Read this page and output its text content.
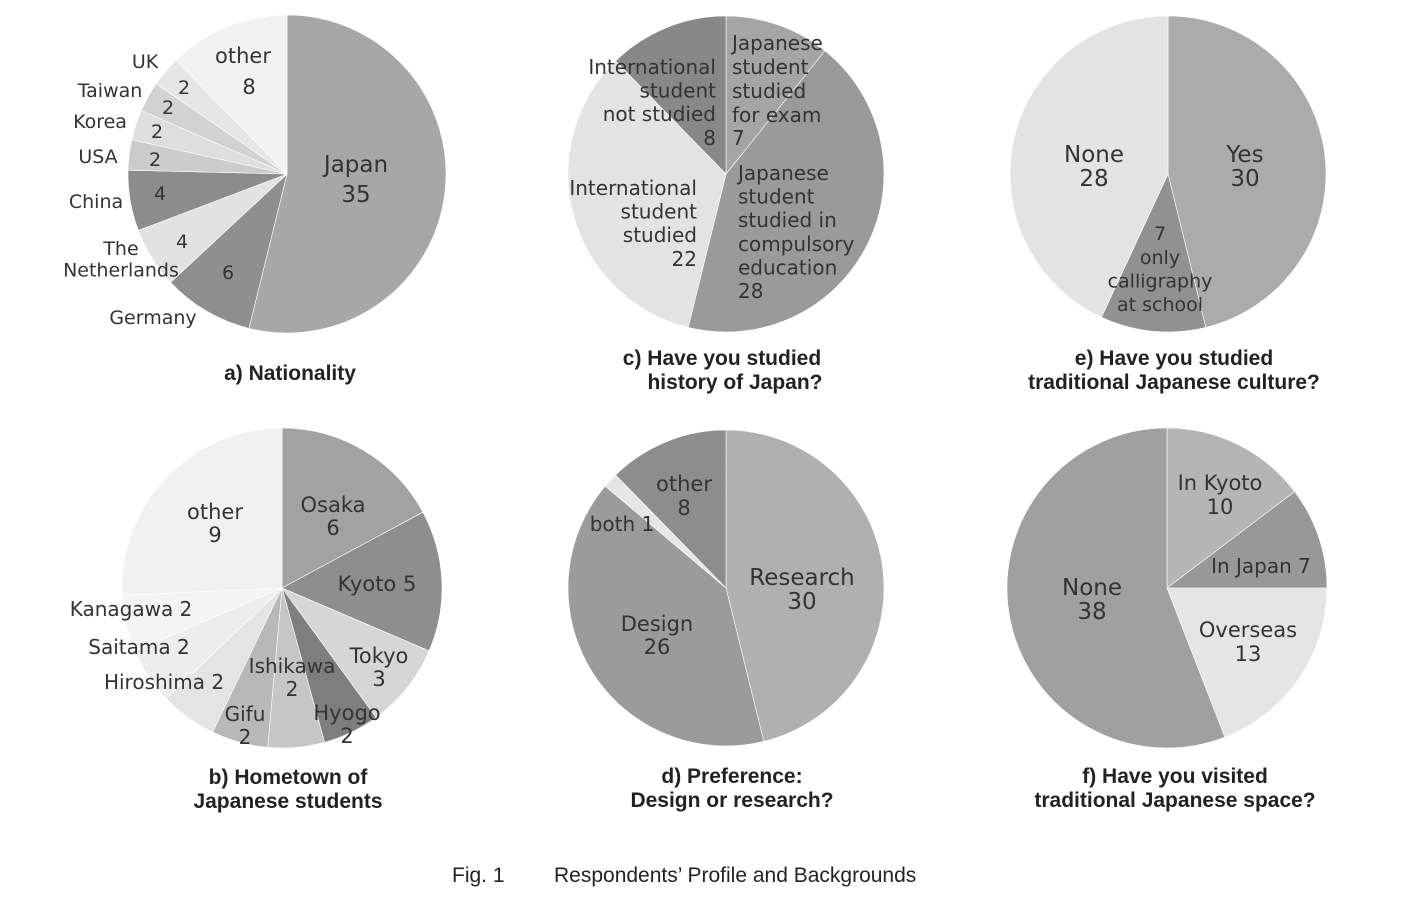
Japan
35
Germany
6
The
Netherlands
4
China 4
USA 2
Korea 2
Taiwan
2
UK
2
other
8
Osaka
6
Kyoto 5
Tokyo
3
Hyogo
2
Ishikawa
2
Gifu
2
Hiroshima 2
Saitama 2
Kanagawa 2
other
9
Japanese
student
studied
for exam
7
Japanese
student
studied in
compulsory
education
28
International
student
studied
22
International
student
not studied
8
Research
30
Design
26
both 1
other
8
Yes
30
only
calligraphy
at school
7
None
28
In Kyoto
10
In Japan 7
Overseas
13
None
38
a) Nationality
b) Hometown of
Japanese students
c) Have you studied
history of Japan?
d) Preference:
Design or research?
e) Have you studied
traditional Japanese culture?
f) Have you visited
traditional Japanese space?
Fig. 1 Respondents’ Profile and Backgrounds
